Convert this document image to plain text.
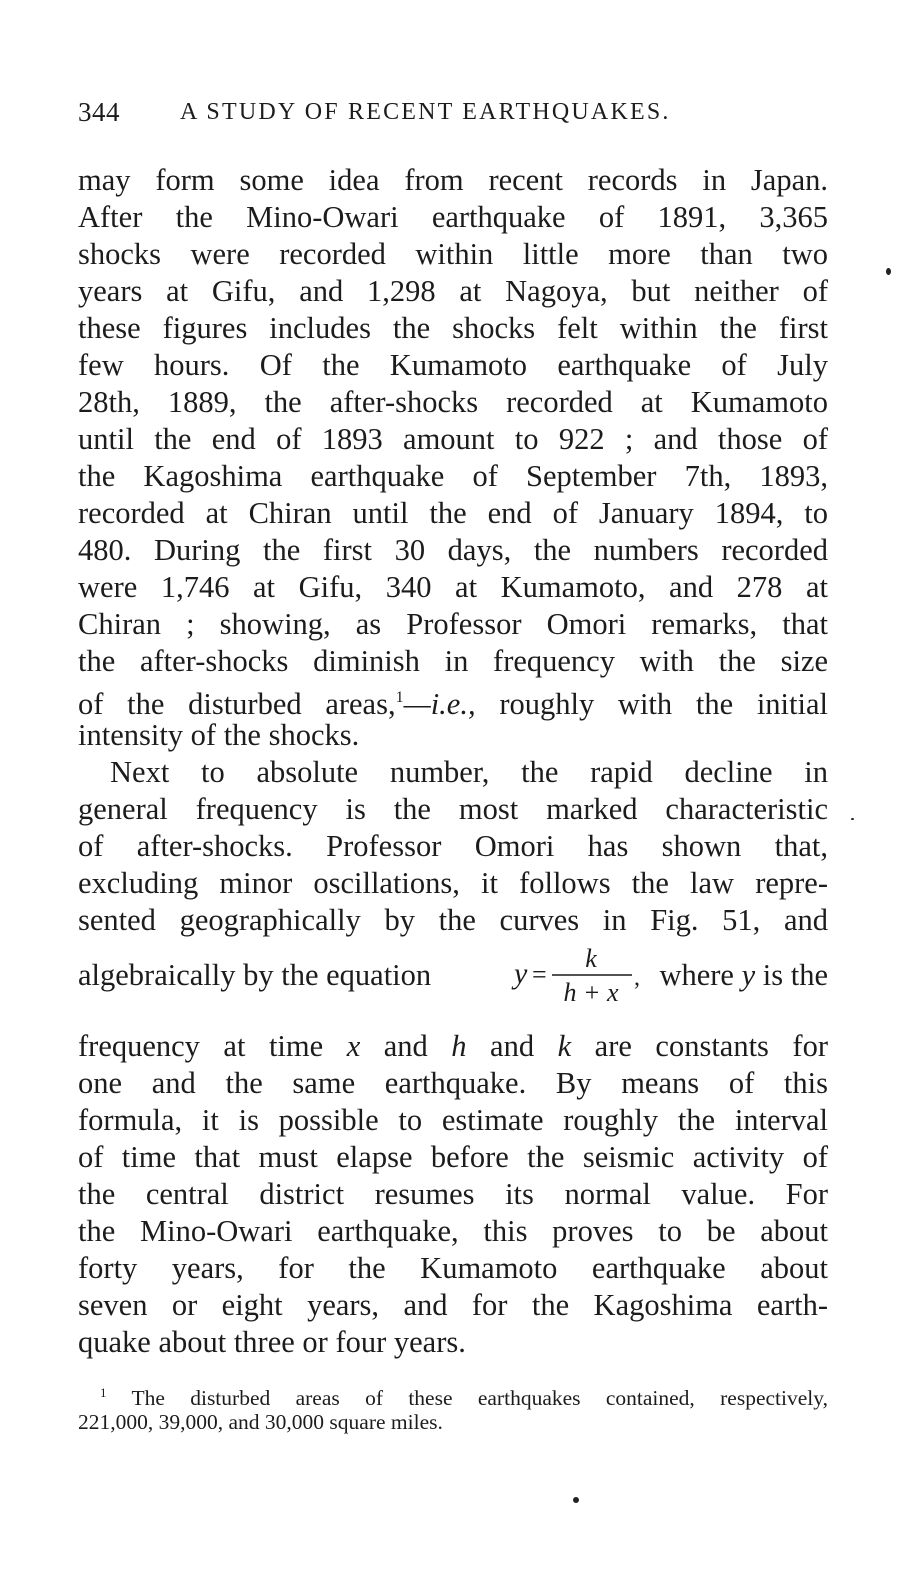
344	A STUDY OF RECENT EARTHQUAKES.
may form some idea from recent records in Japan.
After the Mino-Owari earthquake of 1891, 3,365
shocks were recorded within little more than two
years at Gifu, and 1,298 at Nagoya, but neither of
these figures includes the shocks felt within the first
few hours. Of the Kumamoto earthquake of July
28th, 1889, the after-shocks recorded at Kumamoto
until the end of 1893 amount to 922 ; and those of
the Kagoshima earthquake of September 7th, 1893,
recorded at Chiran until the end of January 1894, to
480. During the first 30 days, the numbers recorded
were 1,746 at Gifu, 340 at Kumamoto, and 278 at
Chiran ; showing, as Professor Omori remarks, that
the after-shocks diminish in frequency with the size
of the disturbed areas,$^1$—i.e., roughly with the initial
intensity of the shocks.
Next to absolute number, the rapid decline in
general frequency is the most marked characteristic
of after-shocks. Professor Omori has shown that,
excluding minor oscillations, it follows the law repre-
sented geographically by the curves in Fig. 51, and
algebraically by the equation	y =
k
h + x , where y is the
frequency at time x and h and k are constants for
one and the same earthquake. By means of this
formula, it is possible to estimate roughly the interval
of time that must elapse before the seismic activity of
the central district resumes its normal value. For
the Mino-Owari earthquake, this proves to be about
forty years, for the Kumamoto earthquake about
seven or eight years, and for the Kagoshima earth-
quake about three or four years.
$^1$ The disturbed areas of these earthquakes contained, respectively,
221,000, 39,000, and 30,000 square miles.
